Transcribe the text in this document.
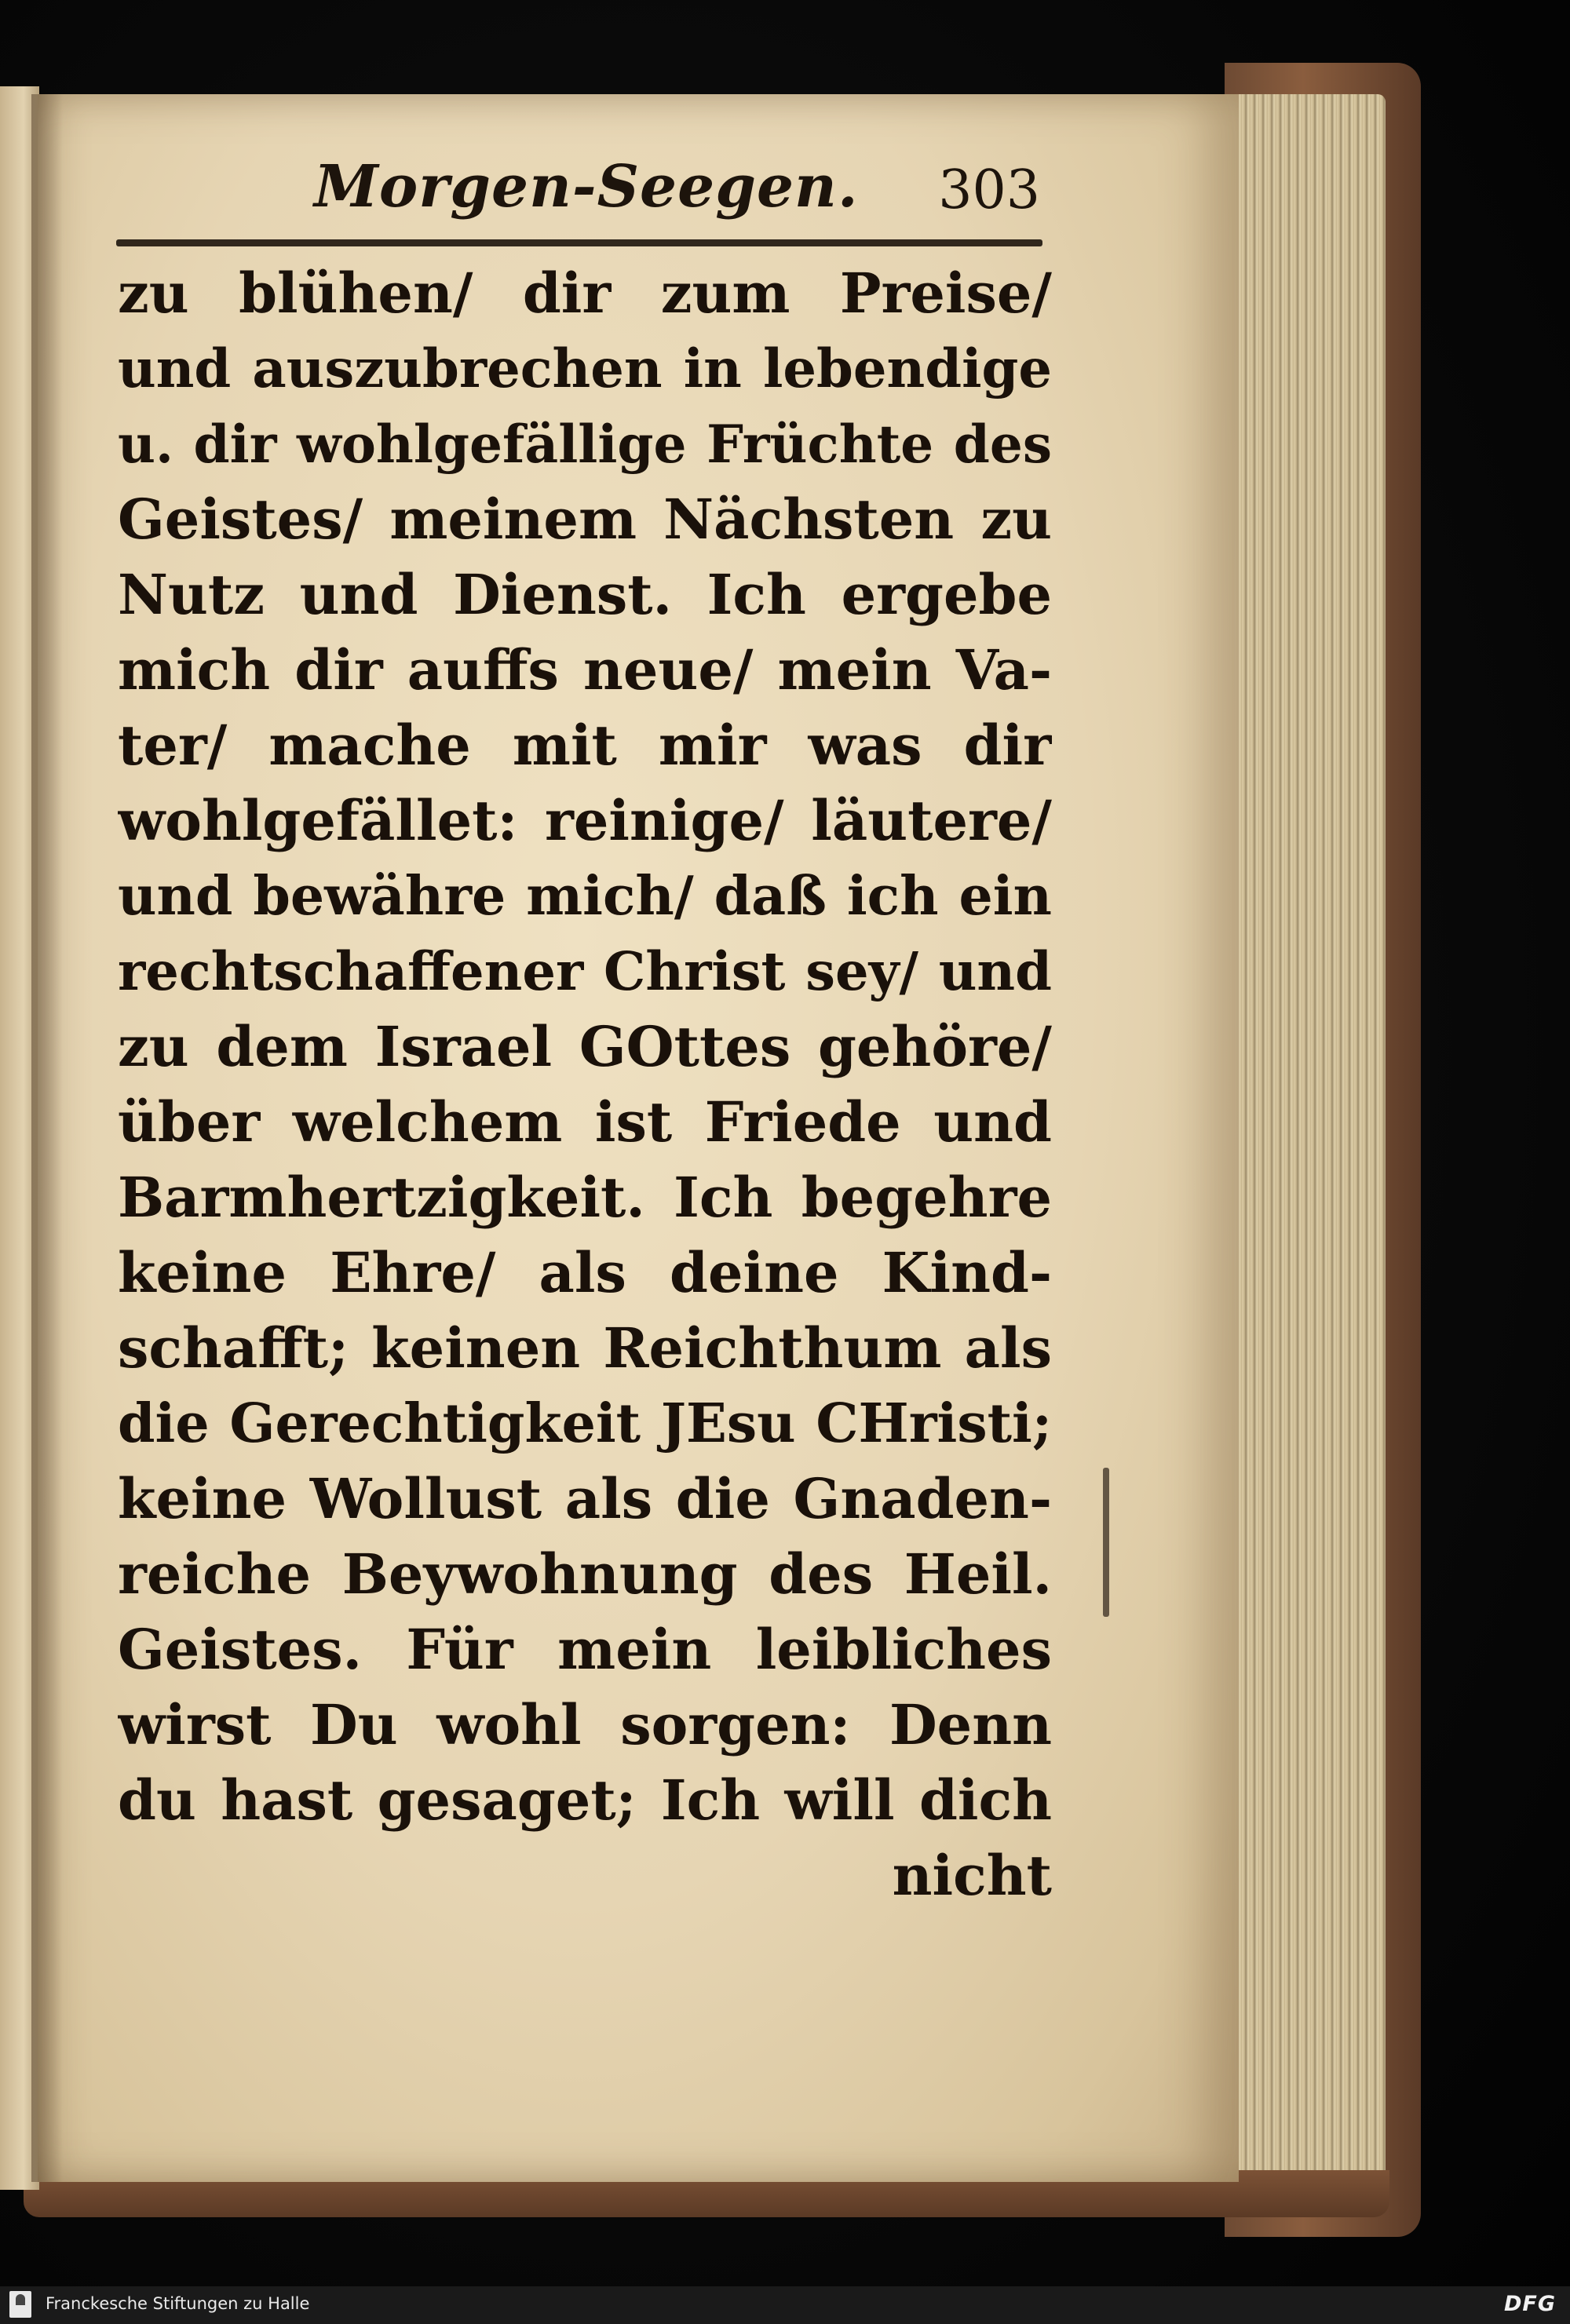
Morgen-Seegen. 303
zu blühen/ dir zum Preise/
und auszubrechen in lebendige
u. dir wohlgefällige Früchte des
Geistes/ meinem Nächsten zu
Nutz und Dienst. Ich ergebe
mich dir auffs neue/ mein Va-
ter/ mache mit mir was dir
wohlgefället: reinige/ läutere/
und bewähre mich/ daß ich ein
rechtschaffener Christ sey/ und
zu dem Israel GOttes gehöre/
über welchem ist Friede und
Barmhertzigkeit. Ich begehre
keine Ehre/ als deine Kind-
schafft; keinen Reichthum als
die Gerechtigkeit JEsu CHristi;
keine Wollust als die Gnaden-
reiche Beywohnung des Heil.
Geistes. Für mein leibliches
wirst Du wohl sorgen: Denn
du hast gesaget; Ich will dich
nicht
Franckesche Stiftungen zu Halle	DFG
